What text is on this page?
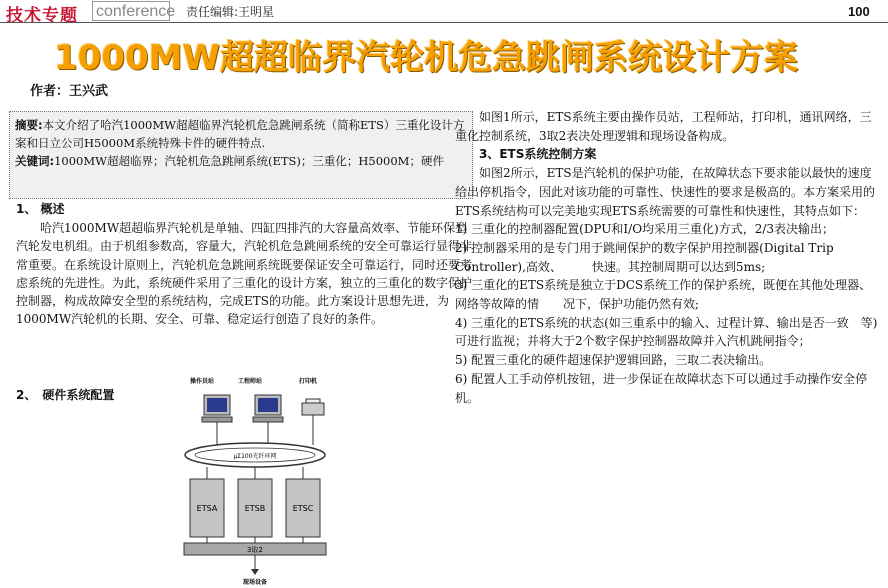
技术专题 conference 责任编辑:王明星	100
1000MW超超临界汽轮机危急跳闸系统设计方案
作者：王兴武
摘要:本文介绍了哈汽1000MW超超临界汽轮机危急跳闸系统（简称ETS）三重化设计方案和日立公司H5000M系统特殊卡件的硬件特点.
关键词:1000MW超超临界；汽轮机危急跳闸系统(ETS)；三重化；H5000M；硬件
1、 概述
哈汽1000MW超超临界汽轮机是单轴、四缸四排汽的大容量高效率、节能环保型汽轮发电机组。由于机组参数高，容量大，汽轮机危急跳闸系统的安全可靠运行显得非常重要。在系统设计原则上，汽轮机危急跳闸系统既要保证安全可靠运行，同时还要考虑系统的先进性。为此，系统硬件采用了三重化的设计方案，独立的三重化的数字保护控制器，构成故障安全型的系统结构，完成ETS的功能。此方案设计思想先进，为1000MW汽轮机的长期、安全、可靠、稳定运行创造了良好的条件。
2、　硬件系统配置

如图1所示，ETS系统主要由操作员站，工程师站，打印机，通讯网络，三重化控制系统，3取2表决处理逻辑和现场设备构成。

3、ETS系统控制方案

如图2所示，ETS是汽轮机的保护功能，在故障状态下要求能以最快的速度给出停机指令，因此对该功能的可靠性、快速性的要求是极高的。本方案采用的ETS系统结构可以完美地实现ETS系统需要的可靠性和快速性，其特点如下：

1) 三重化的控制器配置(DPU和I/O均采用三重化)方式，2/3表决输出；

2) 控制器采用的是专门用于跳闸保护的数字保护用控制器(Digital Trip Controller),高效、　　　快速。其控制周期可以达到5ms;

3) 三重化的ETS系统是独立于DCS系统工作的保护系统，既便在其他处理器、网络等故障的情　　况下，保护功能仍然有效;

4) 三重化的ETS系统的状态(如三重系中的输入、过程计算、输出是否一致　等)可进行监视；并将大于2个数字保护控制器故障并入汽机跳闸指令；

5) 配置三重化的硬件超速保护逻辑回路，三取二表决输出。

6) 配置人工手动停机按钮，进一步保证在故障状态下可以通过手动操作安全停机。

操作员站	工程师站	打印机
μΣ100光纤环网
ETSA	ETSB	ETSC
3取2
现场设备
